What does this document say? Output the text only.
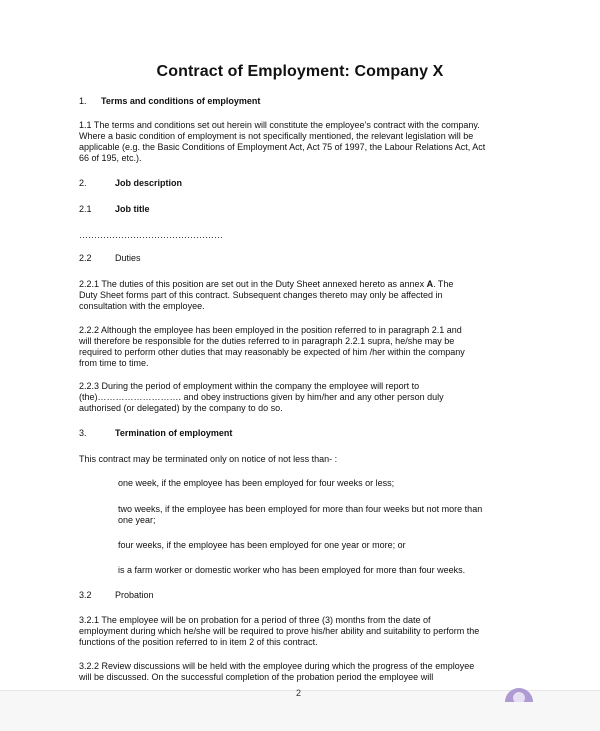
Contract of Employment: Company X
1. Terms and conditions of employment
1.1 The terms and conditions set out herein will constitute the employee’s contract with the company.
Where a basic condition of employment is not specifically mentioned, the relevant legislation will be
applicable (e.g. the Basic Conditions of Employment Act, Act 75 of 1997, the Labour Relations Act, Act
66 of 195, etc.).
2.	Job description
2.1	Job title
…………………………………………
2.2	Duties
2.2.1 The duties of this position are set out in the Duty Sheet annexed hereto as annex A. The
Duty Sheet forms part of this contract. Subsequent changes thereto may only be affected in
consultation with the employee.
2.2.2 Although the employee has been employed in the position referred to in paragraph 2.1 and
will therefore be responsible for the duties referred to in paragraph 2.2.1 supra, he/she may be
required to perform other duties that may reasonably be expected of him /her within the company
from time to time.
2.2.3 During the period of employment within the company the employee will report to
(the)………………………. and obey instructions given by him/her and any other person duly
authorised (or delegated) by the company to do so.
3.	Termination of employment
This contract may be terminated only on notice of not less than- :
one week, if the employee has been employed for four weeks or less;
two weeks, if the employee has been employed for more than four weeks but not more than
one year;
four weeks, if the employee has been employed for one year or more; or
is a farm worker or domestic worker who has been employed for more than four weeks.
3.2	Probation
3.2.1 The employee will be on probation for a period of three (3) months from the date of
employment during which he/she will be required to prove his/her ability and suitability to perform the
functions of the position referred to in item 2 of this contract.
3.2.2 Review discussions will be held with the employee during which the progress of the employee
will be discussed. On the successful completion of the probation period the employee will
2
